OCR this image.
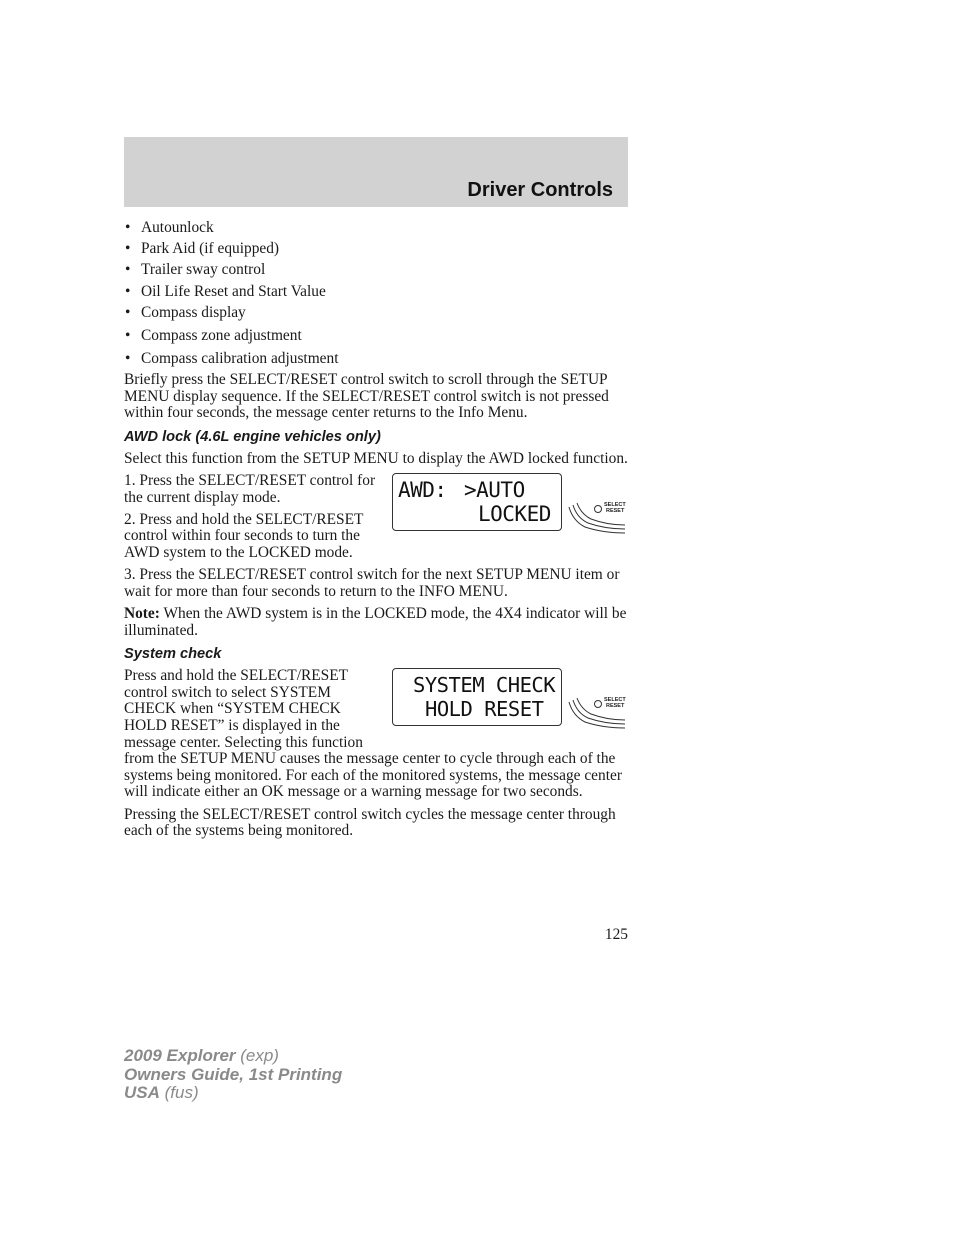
Driver Controls
• Autounlock
• Park Aid (if equipped)
• Trailer sway control
• Oil Life Reset and Start Value
• Compass display
• Compass zone adjustment
• Compass calibration adjustment

Briefly press the SELECT/RESET control switch to scroll through the SETUP MENU display sequence. If the SELECT/RESET control switch is not pressed within four seconds, the message center returns to the Info Menu.

AWD lock (4.6L engine vehicles only)

Select this function from the SETUP MENU to display the AWD locked function.

1. Press the SELECT/RESET control for the current display mode.

2. Press and hold the SELECT/RESET control within four seconds to turn the AWD system to the LOCKED mode.

AWD: >AUTO
LOCKED	SELECT
RESET

3. Press the SELECT/RESET control switch for the next SETUP MENU item or wait for more than four seconds to return to the INFO MENU.

Note: When the AWD system is in the LOCKED mode, the 4X4 indicator will be illuminated.

System check
SYSTEM CHECK
HOLD RESET	SELECT
RESET

Press and hold the SELECT/RESET control switch to select SYSTEM CHECK when “SYSTEM CHECK HOLD RESET” is displayed in the message center. Selecting this function from the SETUP MENU causes the message center to cycle through each of the systems being monitored. For each of the monitored systems, the message center will indicate either an OK message or a warning message for two seconds.

Pressing the SELECT/RESET control switch cycles the message center through each of the systems being monitored.

125
2009 Explorer (exp)
Owners Guide, 1st Printing
USA (fus)
